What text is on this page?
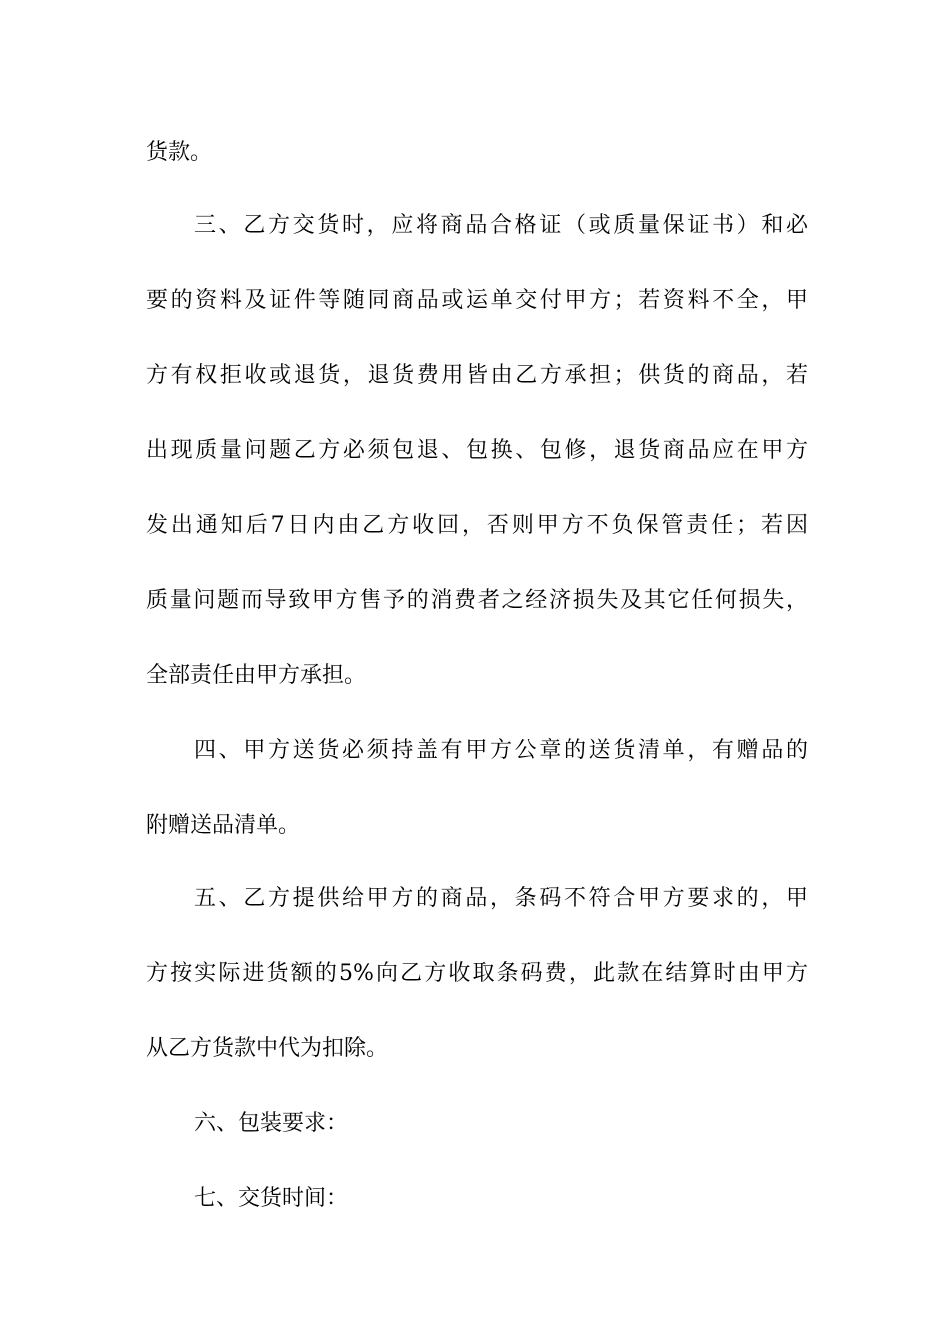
货款。
三、乙方交货时，应将商品合格证（或质量保证书）和必
要的资料及证件等随同商品或运单交付甲方；若资料不全，甲
方有权拒收或退货，退货费用皆由乙方承担；供货的商品，若
出现质量问题乙方必须包退、包换、包修，退货商品应在甲方
发出通知后7日内由乙方收回，否则甲方不负保管责任；若因
质量问题而导致甲方售予的消费者之经济损失及其它任何损失，
全部责任由甲方承担。
四、甲方送货必须持盖有甲方公章的送货清单，有赠品的
附赠送品清单。
五、乙方提供给甲方的商品，条码不符合甲方要求的，甲
方按实际进货额的5%向乙方收取条码费，此款在结算时由甲方
从乙方货款中代为扣除。
六、包装要求：
七、交货时间：
